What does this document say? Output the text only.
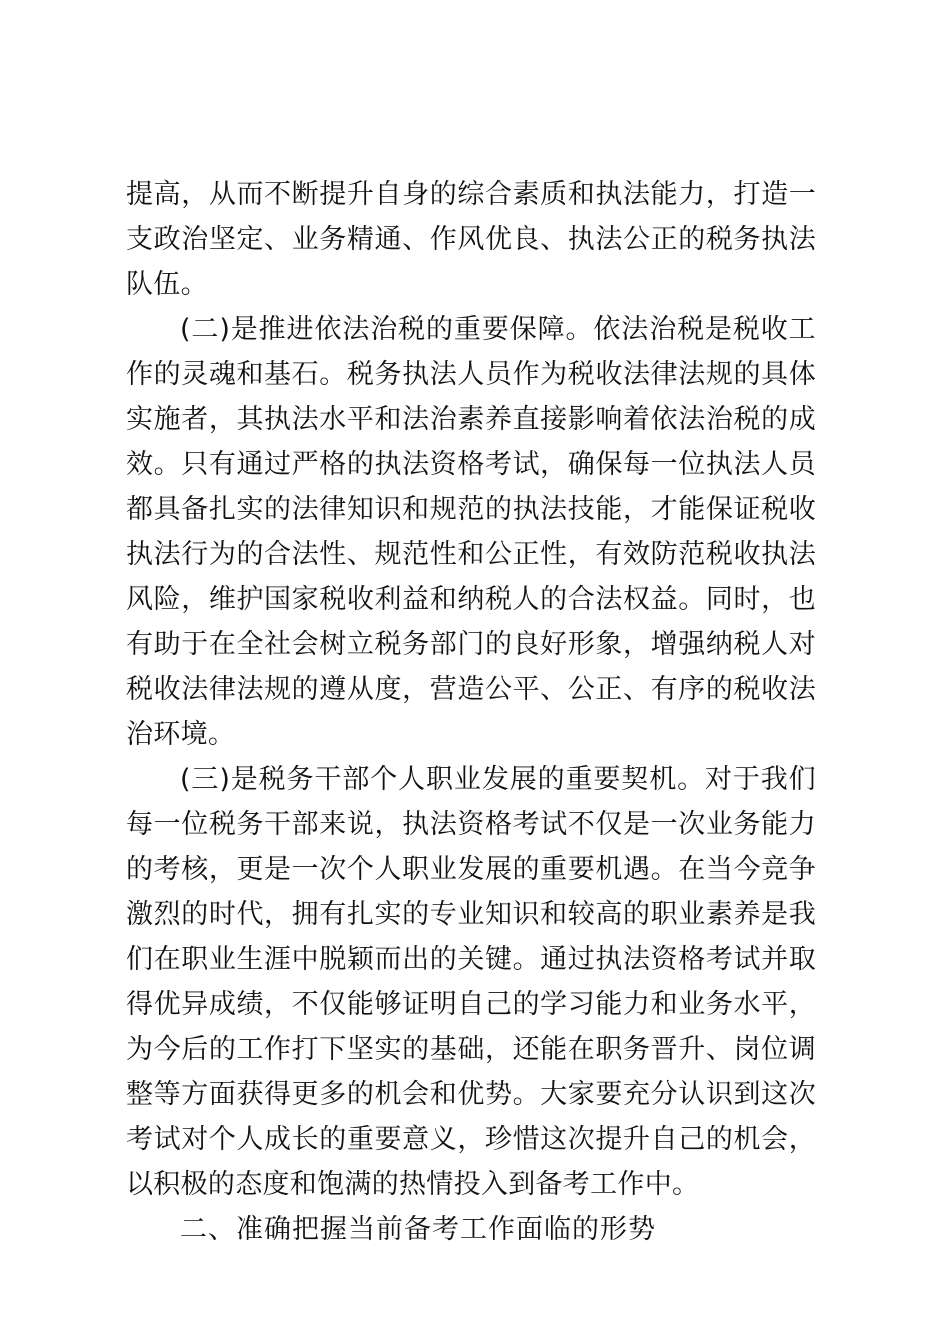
提高，从而不断提升自身的综合素质和执法能力，打造一支政治坚定、业务精通、作风优良、执法公正的税务执法队伍。

(二)是推进依法治税的重要保障。依法治税是税收工作的灵魂和基石。税务执法人员作为税收法律法规的具体实施者，其执法水平和法治素养直接影响着依法治税的成效。只有通过严格的执法资格考试，确保每一位执法人员都具备扎实的法律知识和规范的执法技能，才能保证税收执法行为的合法性、规范性和公正性，有效防范税收执法风险，维护国家税收利益和纳税人的合法权益。同时，也有助于在全社会树立税务部门的良好形象，增强纳税人对税收法律法规的遵从度，营造公平、公正、有序的税收法治环境。

(三)是税务干部个人职业发展的重要契机。对于我们每一位税务干部来说，执法资格考试不仅是一次业务能力的考核，更是一次个人职业发展的重要机遇。在当今竞争激烈的时代，拥有扎实的专业知识和较高的职业素养是我们在职业生涯中脱颖而出的关键。通过执法资格考试并取得优异成绩，不仅能够证明自己的学习能力和业务水平，为今后的工作打下坚实的基础，还能在职务晋升、岗位调整等方面获得更多的机会和优势。大家要充分认识到这次考试对个人成长的重要意义，珍惜这次提升自己的机会，以积极的态度和饱满的热情投入到备考工作中。

二、准确把握当前备考工作面临的形势
